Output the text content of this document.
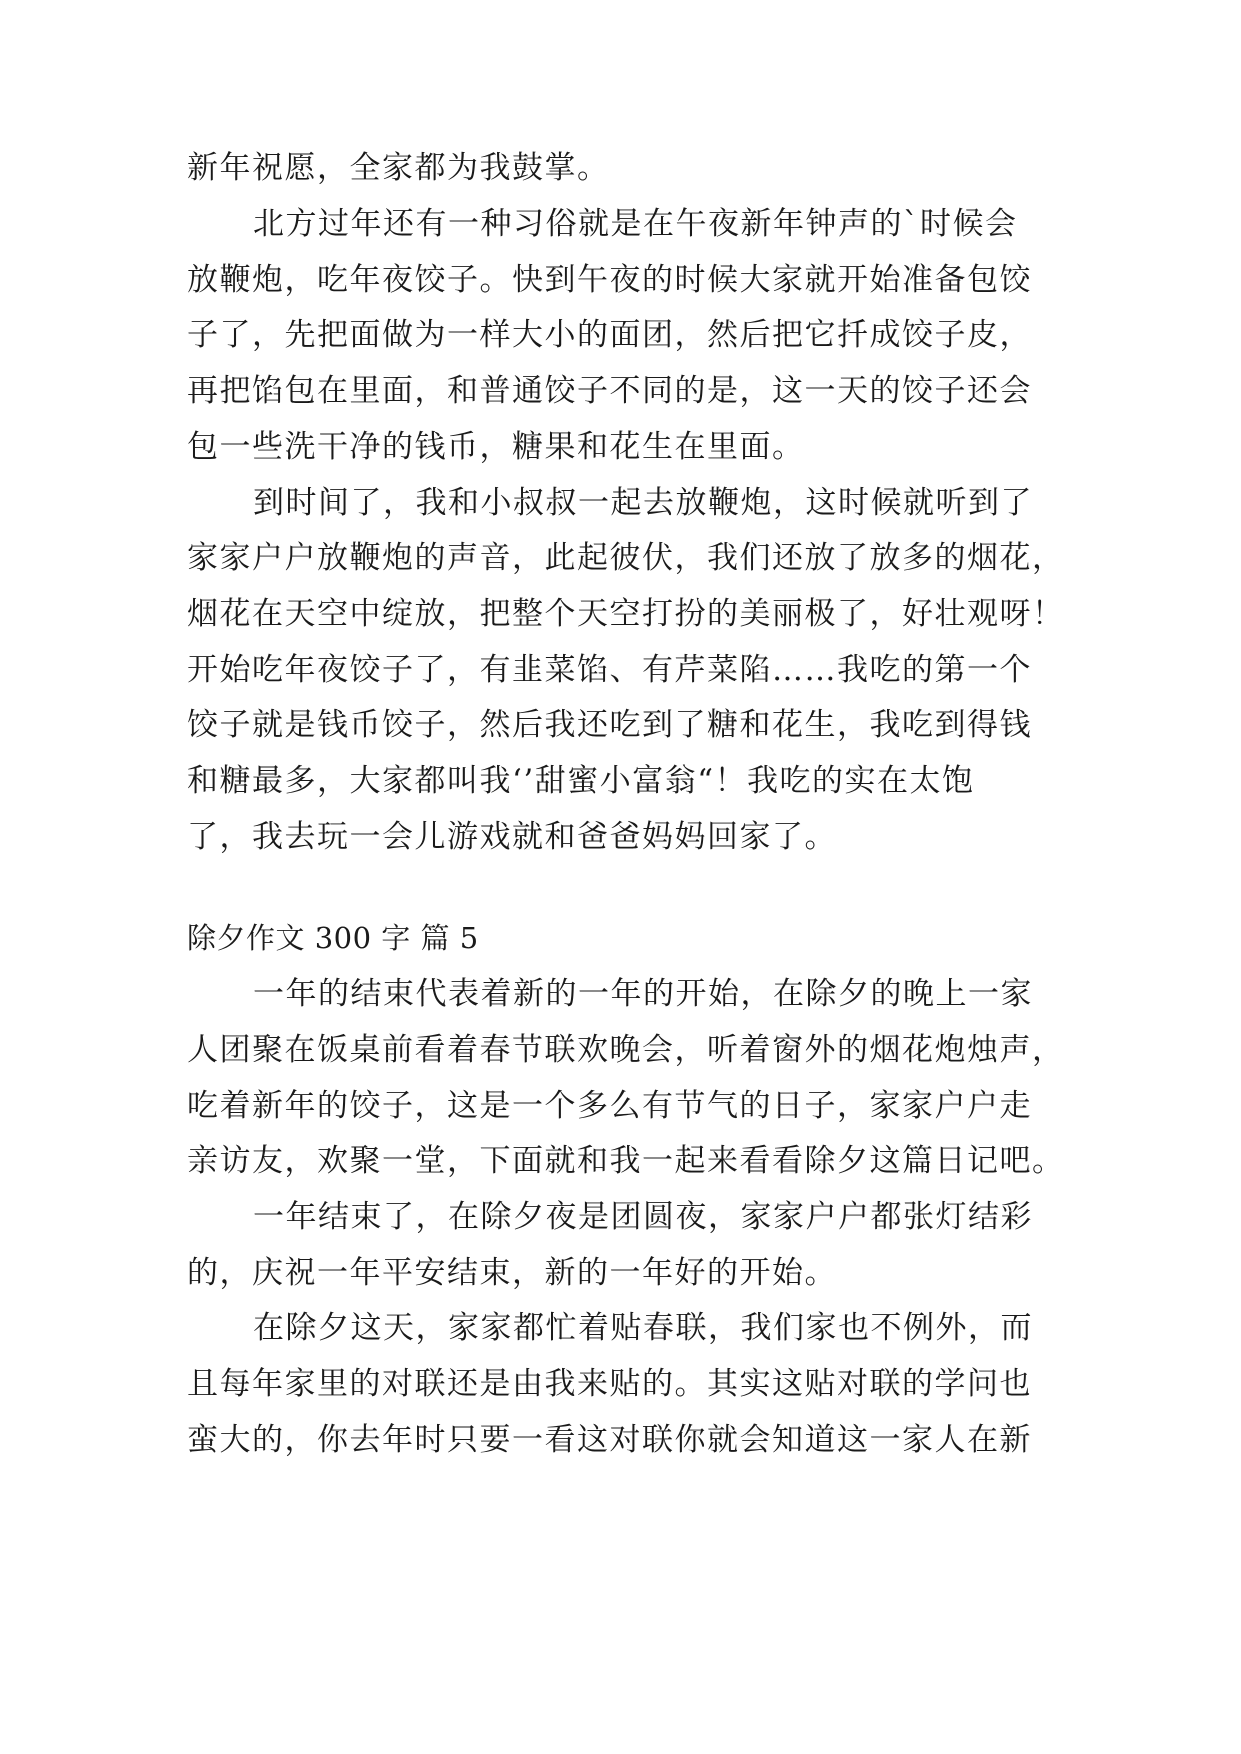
新年祝愿，全家都为我鼓掌。
北方过年还有一种习俗就是在午夜新年钟声的`时候会
放鞭炮，吃年夜饺子。快到午夜的时候大家就开始准备包饺
子了，先把面做为一样大小的面团，然后把它扦成饺子皮，
再把馅包在里面，和普通饺子不同的是，这一天的饺子还会
包一些洗干净的钱币，糖果和花生在里面。
到时间了，我和小叔叔一起去放鞭炮，这时候就听到了
家家户户放鞭炮的声音，此起彼伏，我们还放了放多的烟花，
烟花在天空中绽放，把整个天空打扮的美丽极了，好壮观呀！
开始吃年夜饺子了，有韭菜馅、有芹菜陷……我吃的第一个
饺子就是钱币饺子，然后我还吃到了糖和花生，我吃到得钱
和糖最多，大家都叫我‘’甜蜜小富翁“！我吃的实在太饱
了，我去玩一会儿游戏就和爸爸妈妈回家了。
除夕作文 300 字 篇 5
一年的结束代表着新的一年的开始，在除夕的晚上一家
人团聚在饭桌前看着春节联欢晚会，听着窗外的烟花炮烛声，
吃着新年的饺子，这是一个多么有节气的日子，家家户户走
亲访友，欢聚一堂，下面就和我一起来看看除夕这篇日记吧。
一年结束了，在除夕夜是团圆夜，家家户户都张灯结彩
的，庆祝一年平安结束，新的一年好的开始。
在除夕这天，家家都忙着贴春联，我们家也不例外，而
且每年家里的对联还是由我来贴的。其实这贴对联的学问也
蛮大的，你去年时只要一看这对联你就会知道这一家人在新
